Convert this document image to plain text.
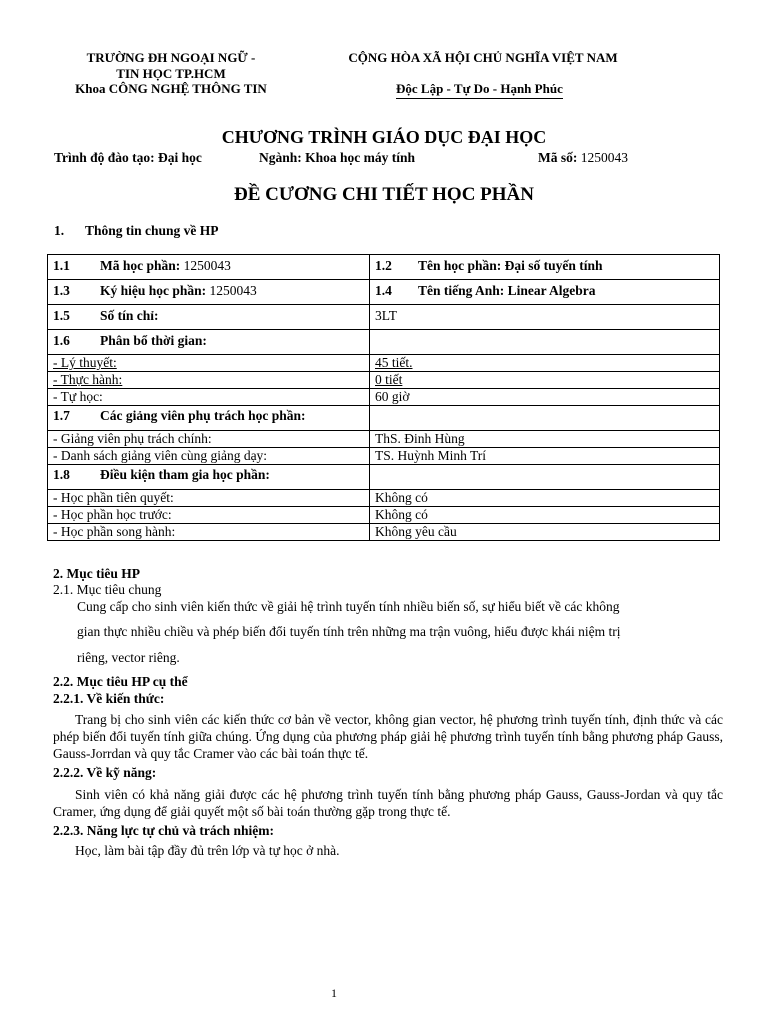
TRƯỜNG ĐH NGOẠI NGỮ -
TIN HỌC TP.HCM
Khoa CÔNG NGHỆ THÔNG TIN
CỘNG HÒA XÃ HỘI CHỦ NGHĨA VIỆT NAM
Độc Lập - Tự Do - Hạnh Phúc
CHƯƠNG TRÌNH GIÁO DỤC ĐẠI HỌC
Trình độ đào tạo: Đại học	Ngành: Khoa học máy tính	Mã số: 1250043
ĐỀ CƯƠNG CHI TIẾT HỌC PHẦN
1. Thông tin chung về HP
1.1 Mã học phần: 1250043	1.2 Tên học phần: Đại số tuyến tính
1.3 Ký hiệu học phần: 1250043	1.4 Tên tiếng Anh: Linear Algebra
1.5 Số tín chỉ:	3LT
1.6 Phân bổ thời gian:	
- Lý thuyết:	45 tiết.
- Thực hành:	0 tiết
- Tự học:	60 giờ
1.7 Các giảng viên phụ trách học phần:	
- Giảng viên phụ trách chính:	ThS. Đinh Hùng
- Danh sách giảng viên cùng giảng dạy:	TS. Huỳnh Minh Trí
1.8 Điều kiện tham gia học phần:	
- Học phần tiên quyết:	Không có
- Học phần học trước:	Không có
- Học phần song hành:	Không yêu cầu
2. Mục tiêu HP
2.1. Mục tiêu chung
Cung cấp cho sinh viên kiến thức về giải hệ trình tuyến tính nhiều biến số, sự hiểu biết về các không
gian thực nhiều chiều và phép biến đổi tuyến tính trên những ma trận vuông, hiểu được khái niệm trị
riêng, vector riêng.
2.2. Mục tiêu HP cụ thể
2.2.1. Về kiến thức:
Trang bị cho sinh viên các kiến thức cơ bản về vector, không gian vector, hệ phương trình tuyến tính, định thức và các phép biến đổi tuyến tính giữa chúng. Ứng dụng của phương pháp giải hệ phương trình tuyến tính bằng phương pháp Gauss, Gauss-Jorrdan và quy tắc Cramer vào các bài toán thực tế.
2.2.2. Về kỹ năng:
Sinh viên có khả năng giải được các hệ phương trình tuyến tính bằng phương pháp Gauss, Gauss-Jordan và quy tắc Cramer, ứng dụng để giải quyết một số bài toán thường gặp trong thực tế.
2.2.3. Năng lực tự chủ và trách nhiệm:
Học, làm bài tập đầy đủ trên lớp và tự học ở nhà.
1
